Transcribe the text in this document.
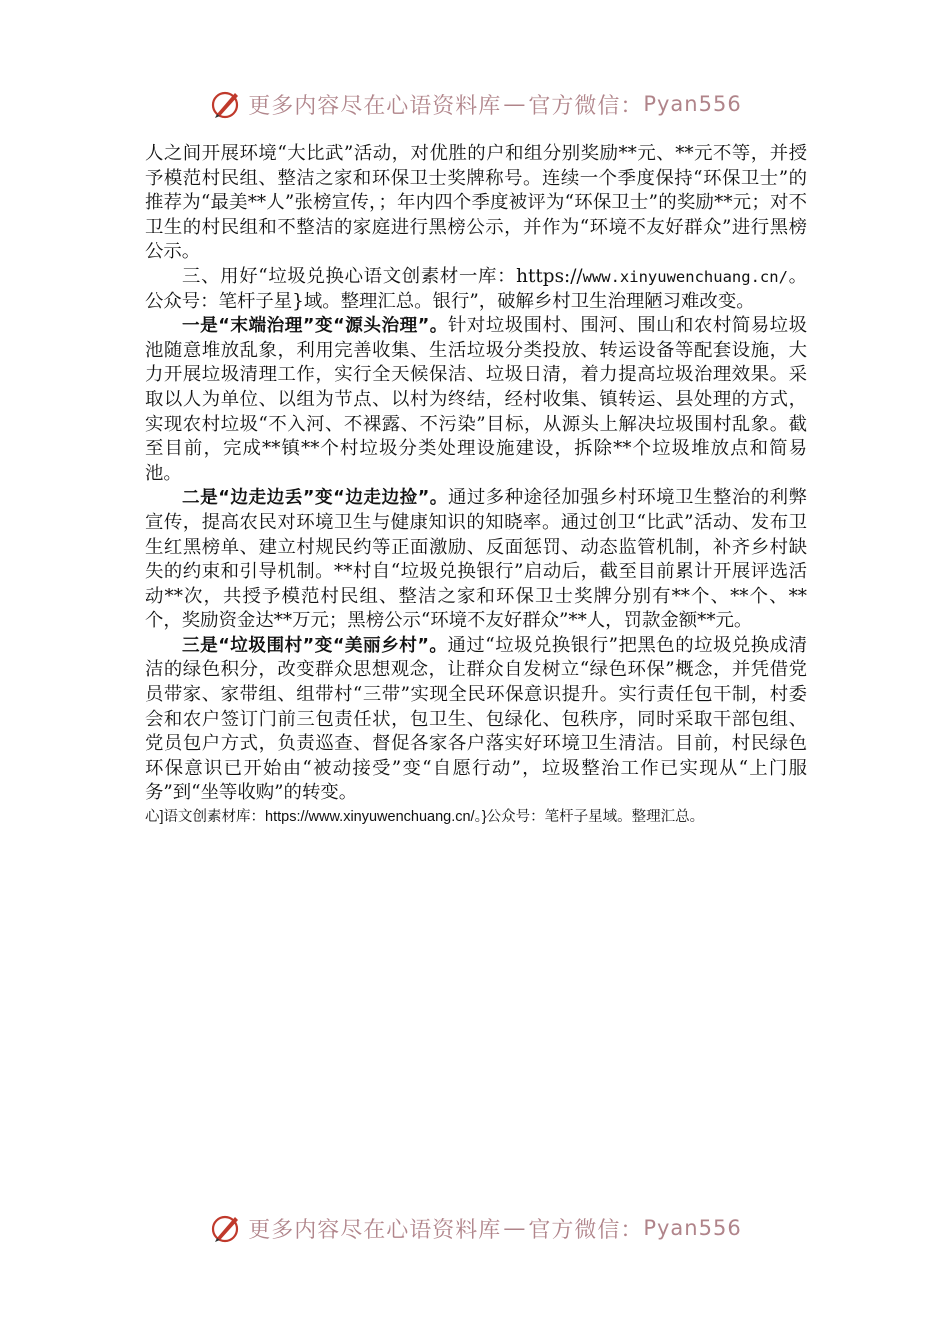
更多内容尽在心语资料库 — 官方微信： Pyan556

人之间开展环境“大比武”活动，对优胜的户和组分别奖励**元、**元不等，并授予模范村民组、整洁之家和环保卫士奖牌称号。连续一个季度保持“环保卫士”的推荐为“最美**人”张榜宣传，；年内四个季度被评为“环保卫士”的奖励**元；对不卫生的村民组和不整洁的家庭进行黑榜公示，并作为“环境不友好群众”进行黑榜公示。

三、用好“垃圾兑换心语文创素材一库：https://www.xinyuwenchuang.cn/。公众号：笔杆子星}域。整理汇总。银行”，破解乡村卫生治理陋习难改变。

一是“末端治理”变“源头治理”。针对垃圾围村、围河、围山和农村简易垃圾池随意堆放乱象，利用完善收集、生活垃圾分类投放、转运设备等配套设施，大力开展垃圾清理工作，实行全天候保洁、垃圾日清，着力提高垃圾治理效果。采取以人为单位、以组为节点、以村为终结，经村收集、镇转运、县处理的方式，实现农村垃圾“不入河、不裸露、不污染”目标，从源头上解决垃圾围村乱象。截至目前，完成**镇**个村垃圾分类处理设施建设，拆除**个垃圾堆放点和简易池。

二是“边走边丢”变“边走边捡”。通过多种途径加强乡村环境卫生整治的利弊宣传，提高农民对环境卫生与健康知识的知晓率。通过创卫“比武”活动、发布卫生红黑榜单、建立村规民约等正面激励、反面惩罚、动态监管机制，补齐乡村缺失的约束和引导机制。**村自“垃圾兑换银行”启动后，截至目前累计开展评选活动**次，共授予模范村民组、整洁之家和环保卫士奖牌分别有**个、**个、**个，奖励资金达**万元；黑榜公示“环境不友好群众”**人，罚款金额**元。

三是“垃圾围村”变“美丽乡村”。通过“垃圾兑换银行”把黑色的垃圾兑换成清洁的绿色积分，改变群众思想观念，让群众自发树立“绿色环保”概念，并凭借党员带家、家带组、组带村“三带”实现全民环保意识提升。实行责任包干制，村委会和农户签订门前三包责任状，包卫生、包绿化、包秩序，同时采取干部包组、党员包户方式，负责巡查、督促各家各户落实好环境卫生清洁。目前，村民绿色环保意识已开始由“被动接受”变“自愿行动”，垃圾整治工作已实现从“上门服务”到“坐等收购”的转变。

心]语文创素材库：https://www.xinyuwenchuang.cn/。}公众号：笔杆子星域。整理汇总。

更多内容尽在心语资料库 — 官方微信： Pyan556
